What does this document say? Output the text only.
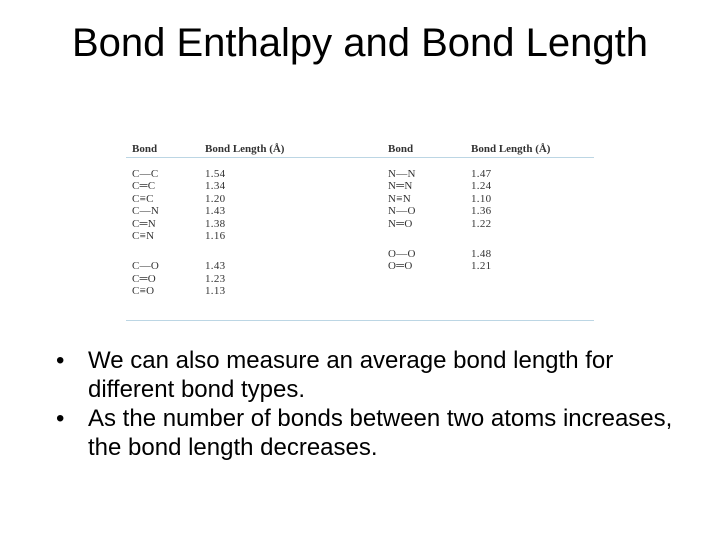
Bond Enthalpy and Bond Length
Bond
C—C
C═C
C≡C
C—N
C═N
C≡N
C—O
C═O
C≡O
Bond Length (Å)
1.54
1.34
1.20
1.43
1.38
1.16
1.43
1.23
1.13
Bond
N—N
N═N
N≡N
N—O
N═O
O—O
O═O
Bond Length (Å)
1.47
1.24
1.10
1.36
1.22
1.48
1.21
• We can also measure an average bond length for different bond types.
• As the number of bonds between two atoms increases, the bond length decreases.
